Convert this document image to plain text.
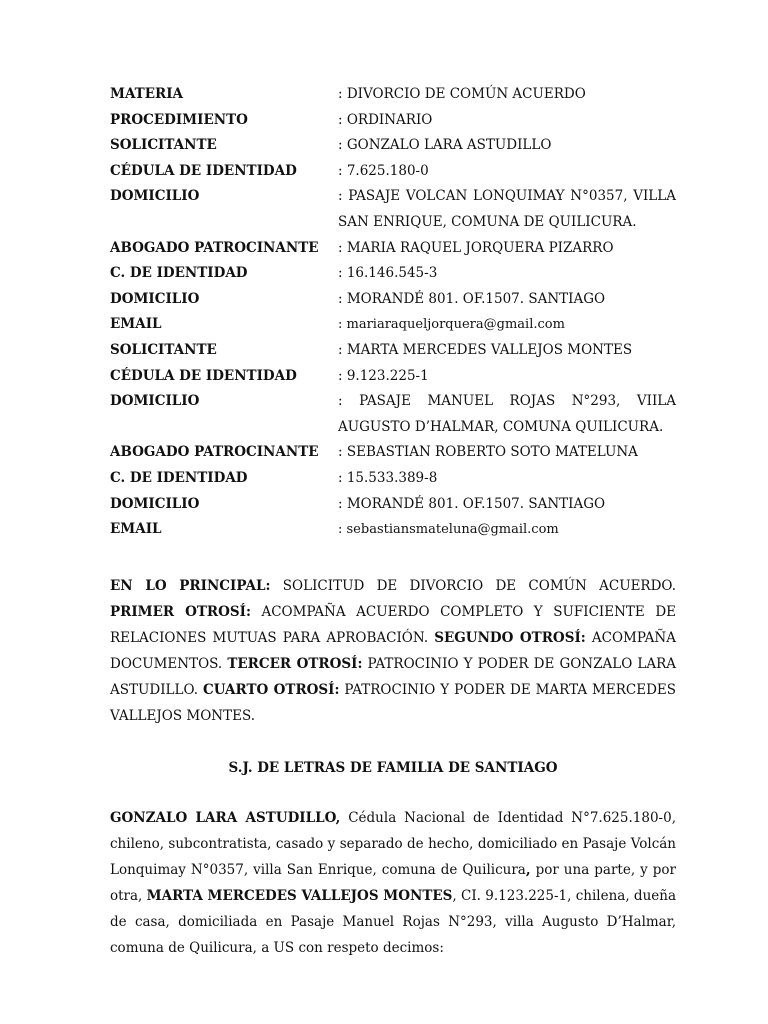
MATERIA	: DIVORCIO DE COMÚN ACUERDO
PROCEDIMIENTO	: ORDINARIO
SOLICITANTE	: GONZALO LARA ASTUDILLO
CÉDULA DE IDENTIDAD	: 7.625.180-0
DOMICILIO	: PASAJE VOLCAN LONQUIMAY N°0357, VILLA SAN ENRIQUE, COMUNA DE QUILICURA.
ABOGADO PATROCINANTE	: MARIA RAQUEL JORQUERA PIZARRO
C. DE IDENTIDAD	: 16.146.545-3
DOMICILIO	: MORANDÉ 801. OF.1507. SANTIAGO
EMAIL	: mariaraqueljorquera@gmail.com
SOLICITANTE	: MARTA MERCEDES VALLEJOS MONTES
CÉDULA DE IDENTIDAD	: 9.123.225-1
DOMICILIO	: PASAJE MANUEL ROJAS N°293, VIILA AUGUSTO D’HALMAR, COMUNA QUILICURA.
ABOGADO PATROCINANTE	: SEBASTIAN ROBERTO SOTO MATELUNA
C. DE IDENTIDAD	: 15.533.389-8
DOMICILIO	: MORANDÉ 801. OF.1507. SANTIAGO
EMAIL	: sebastiansmateluna@gmail.com

EN LO PRINCIPAL: SOLICITUD DE DIVORCIO DE COMÚN ACUERDO. PRIMER OTROSÍ: ACOMPAÑA ACUERDO COMPLETO Y SUFICIENTE DE RELACIONES MUTUAS PARA APROBACIÓN. SEGUNDO OTROSÍ: ACOMPAÑA DOCUMENTOS. TERCER OTROSÍ: PATROCINIO Y PODER DE GONZALO LARA ASTUDILLO. CUARTO OTROSÍ: PATROCINIO Y PODER DE MARTA MERCEDES VALLEJOS MONTES.

S.J. DE LETRAS DE FAMILIA DE SANTIAGO

GONZALO LARA ASTUDILLO, Cédula Nacional de Identidad N°7.625.180-0, chileno, subcontratista, casado y separado de hecho, domiciliado en Pasaje Volcán Lonquimay N°0357, villa San Enrique, comuna de Quilicura, por una parte, y por otra, MARTA MERCEDES VALLEJOS MONTES, CI. 9.123.225-1, chilena, dueña de casa, domiciliada en Pasaje Manuel Rojas N°293, villa Augusto D’Halmar, comuna de Quilicura, a US con respeto decimos:
